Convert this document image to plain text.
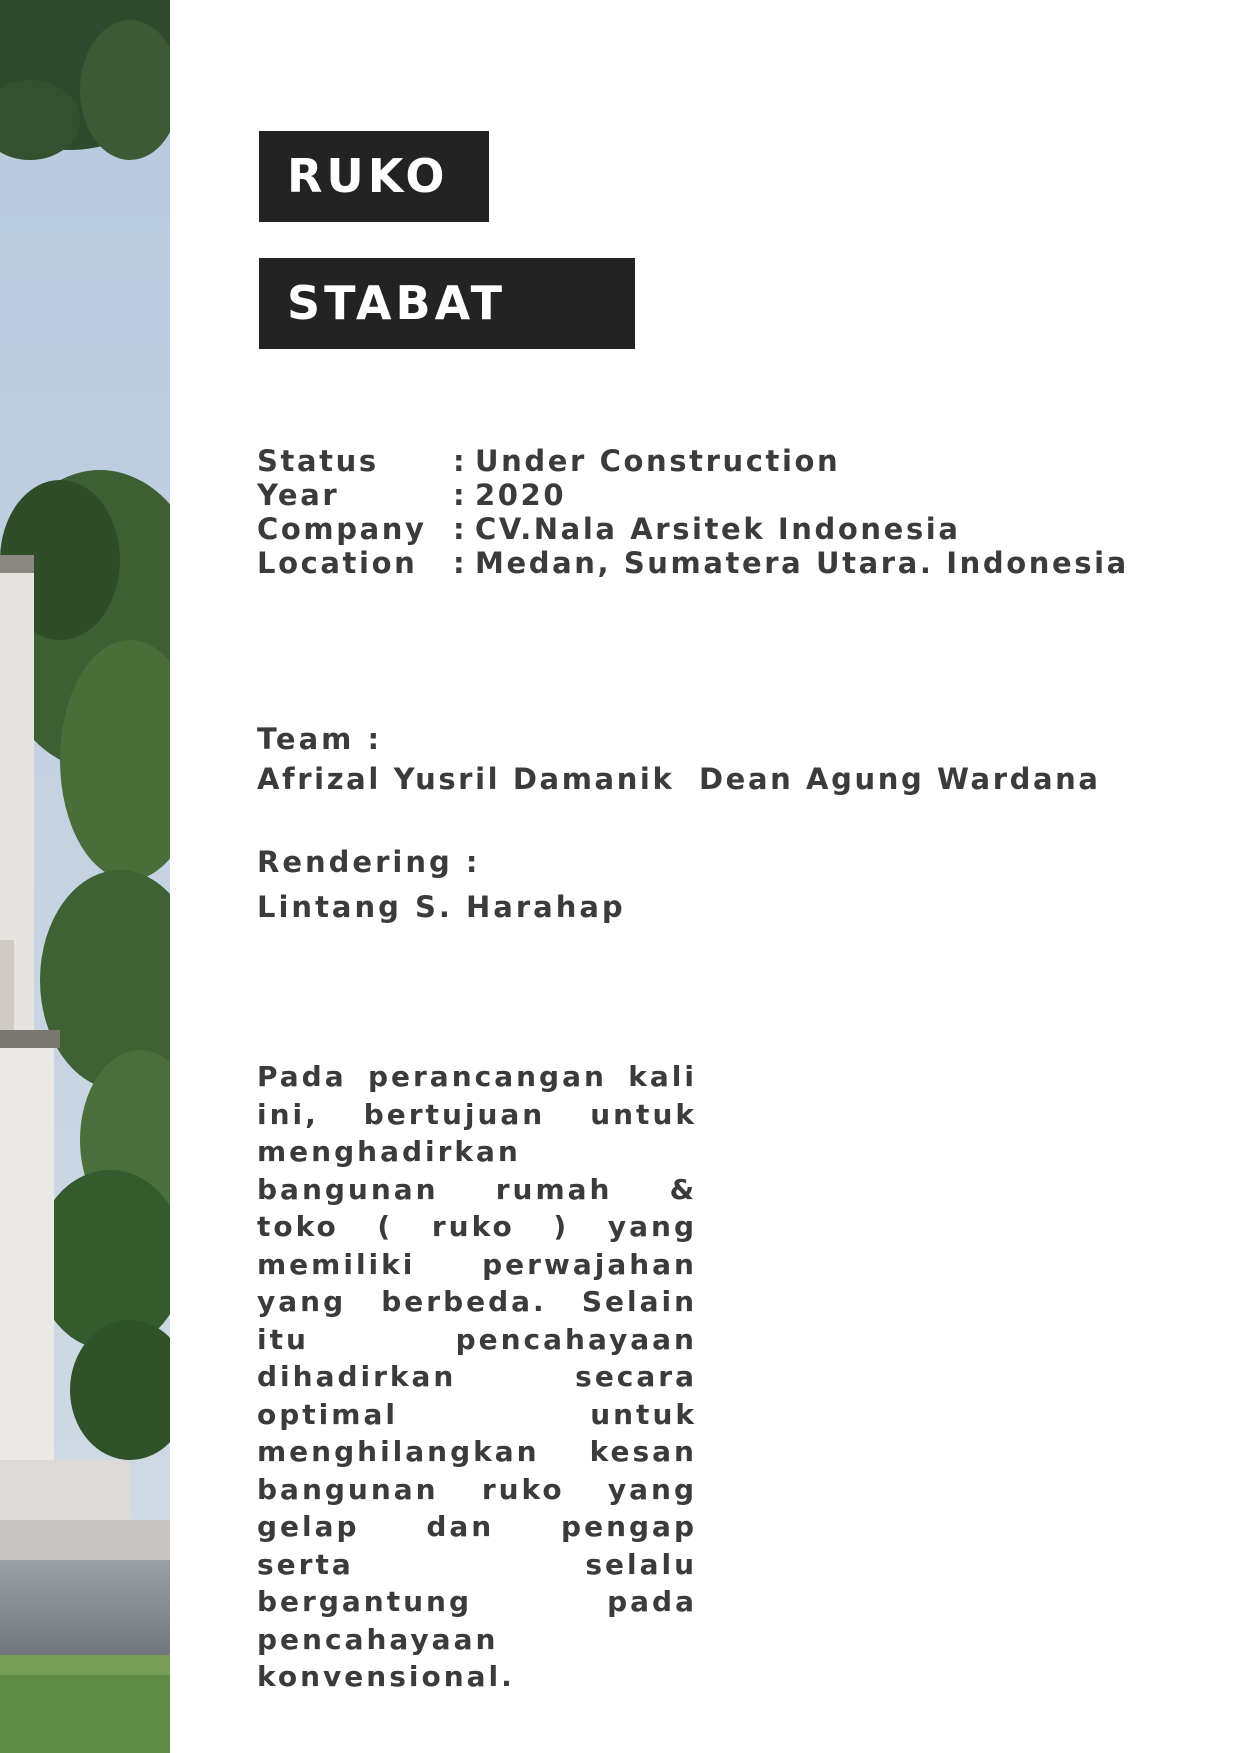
RUKO
STABAT
Status	: Under Construction
Year	: 2020
Company : CV.Nala Arsitek Indonesia
Location : Medan, Sumatera Utara. Indonesia
Team :
Afrizal Yusril Damanik Dean Agung Wardana
Rendering :
Lintang S. Harahap
Pada perancangan kali ini, bertujuan untuk menghadirkan bangunan rumah & toko ( ruko ) yang memiliki perwajahan yang berbeda. Selain itu pencahayaan dihadirkan secara optimal untuk menghilangkan kesan bangunan ruko yang gelap dan pengap serta selalu bergantung pada pencahayaan konvensional.
